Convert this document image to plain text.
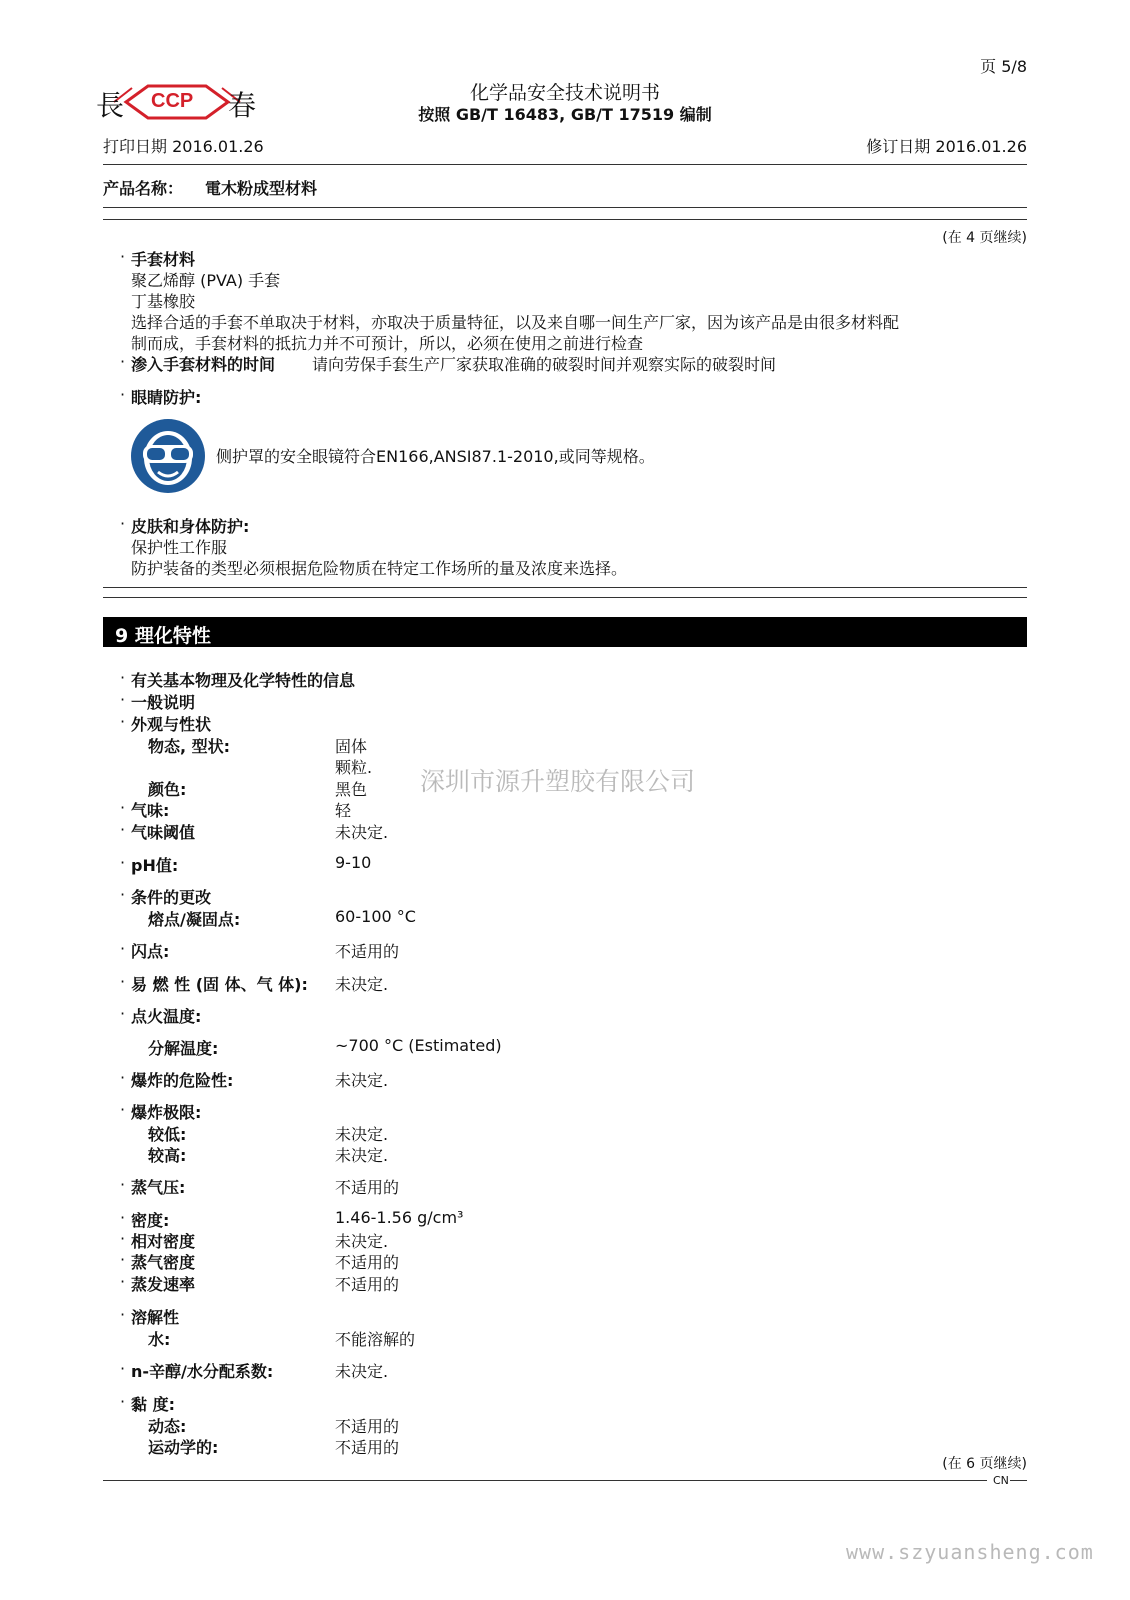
页 5/8
長 CCP 春	化学品安全技术说明书
按照 GB/T 16483, GB/T 17519 编制
打印日期 2016.01.26	修订日期 2016.01.26
产品名称： 電木粉成型材料
(在 4 页继续)
· 手套材料
聚乙烯醇 (PVA) 手套
丁基橡胶
选择合适的手套不单取决于材料，亦取决于质量特征，以及来自哪一间生产厂家，因为该产品是由很多材料配
制而成，手套材料的抵抗力并不可预计，所以，必须在使用之前进行检查
· 渗入手套材料的时间 请向劳保手套生产厂家获取准确的破裂时间并观察实际的破裂时间
· 眼睛防护:
侧护罩的安全眼镜符合EN166,ANSI87.1-2010,或同等规格。
· 皮肤和身体防护:
保护性工作服
防护装备的类型必须根据危险物质在特定工作场所的量及浓度来选择。
9 理化特性
深圳市源升塑胶有限公司
· 有关基本物理及化学特性的信息
· 一般说明
· 外观与性状
物态, 型状:	固体
颗粒.
颜色:	黑色
· 气味:	轻
· 气味阈值	未决定.
· pH值:	9-10
· 条件的更改
熔点/凝固点:	60-100 °C
· 闪点:	不适用的
· 易 燃 性 (固 体、气 体): 未决定.
· 点火温度:
分解温度:	~700 °C (Estimated)
· 爆炸的危险性:	未决定.
· 爆炸极限:
较低:	未决定.
较高:	未决定.
· 蒸气压:	不适用的
· 密度:	1.46-1.56 g/cm³
· 相对密度	未决定.
· 蒸气密度	不适用的
· 蒸发速率	不适用的
· 溶解性
水:	不能溶解的
· n-辛醇/水分配系数:	未决定.
· 黏 度:
动态:	不适用的
运动学的:	不适用的
(在 6 页继续)
CN
www.szyuansheng.com
